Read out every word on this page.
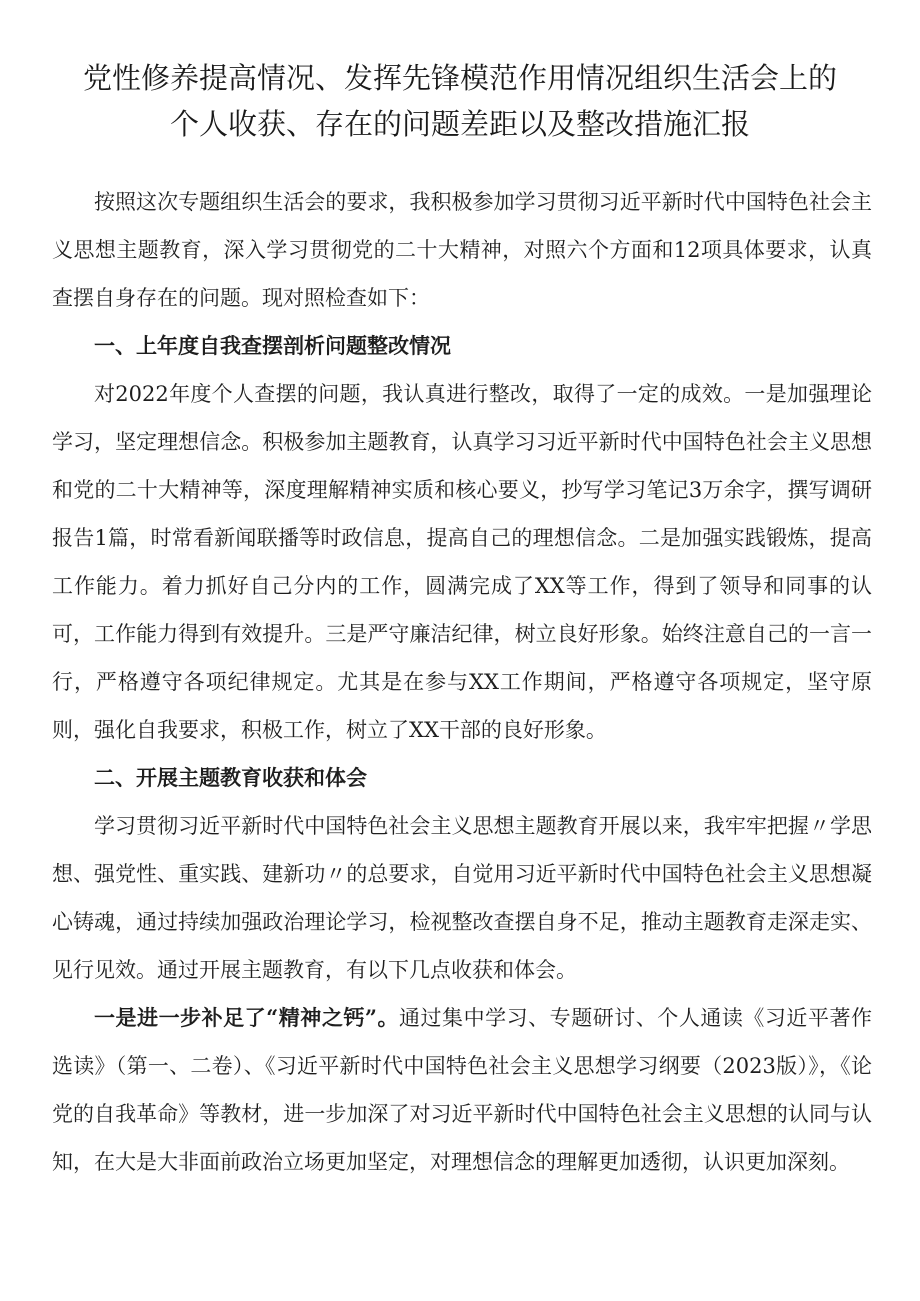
党性修养提高情况、发挥先锋模范作用情况组织生活会上的
个人收获、存在的问题差距以及整改措施汇报

按照这次专题组织生活会的要求，我积极参加学习贯彻习近平新时代中国特色社会主义思想主题教育，深入学习贯彻党的二十大精神，对照六个方面和12项具体要求，认真查摆自身存在的问题。现对照检查如下：

一、上年度自我查摆剖析问题整改情况

对2022年度个人查摆的问题，我认真进行整改，取得了一定的成效。一是加强理论学习，坚定理想信念。积极参加主题教育，认真学习习近平新时代中国特色社会主义思想和党的二十大精神等，深度理解精神实质和核心要义，抄写学习笔记3万余字，撰写调研报告1篇，时常看新闻联播等时政信息，提高自己的理想信念。二是加强实践锻炼，提高工作能力。着力抓好自己分内的工作，圆满完成了XX等工作，得到了领导和同事的认可，工作能力得到有效提升。三是严守廉洁纪律，树立良好形象。始终注意自己的一言一行，严格遵守各项纪律规定。尤其是在参与XX工作期间，严格遵守各项规定，坚守原则，强化自我要求，积极工作，树立了XX干部的良好形象。

二、开展主题教育收获和体会

学习贯彻习近平新时代中国特色社会主义思想主题教育开展以来，我牢牢把握〃学思想、强党性、重实践、建新功〃的总要求，自觉用习近平新时代中国特色社会主义思想凝心铸魂，通过持续加强政治理论学习，检视整改查摆自身不足，推动主题教育走深走实、见行见效。通过开展主题教育，有以下几点收获和体会。

一是进一步补足了“精神之钙”。通过集中学习、专题研讨、个人通读《习近平著作选读》（第一、二卷）、《习近平新时代中国特色社会主义思想学习纲要（2023版）》，《论党的自我革命》等教材，进一步加深了对习近平新时代中国特色社会主义思想的认同与认知，在大是大非面前政治立场更加坚定，对理想信念的理解更加透彻，认识更加深刻。
